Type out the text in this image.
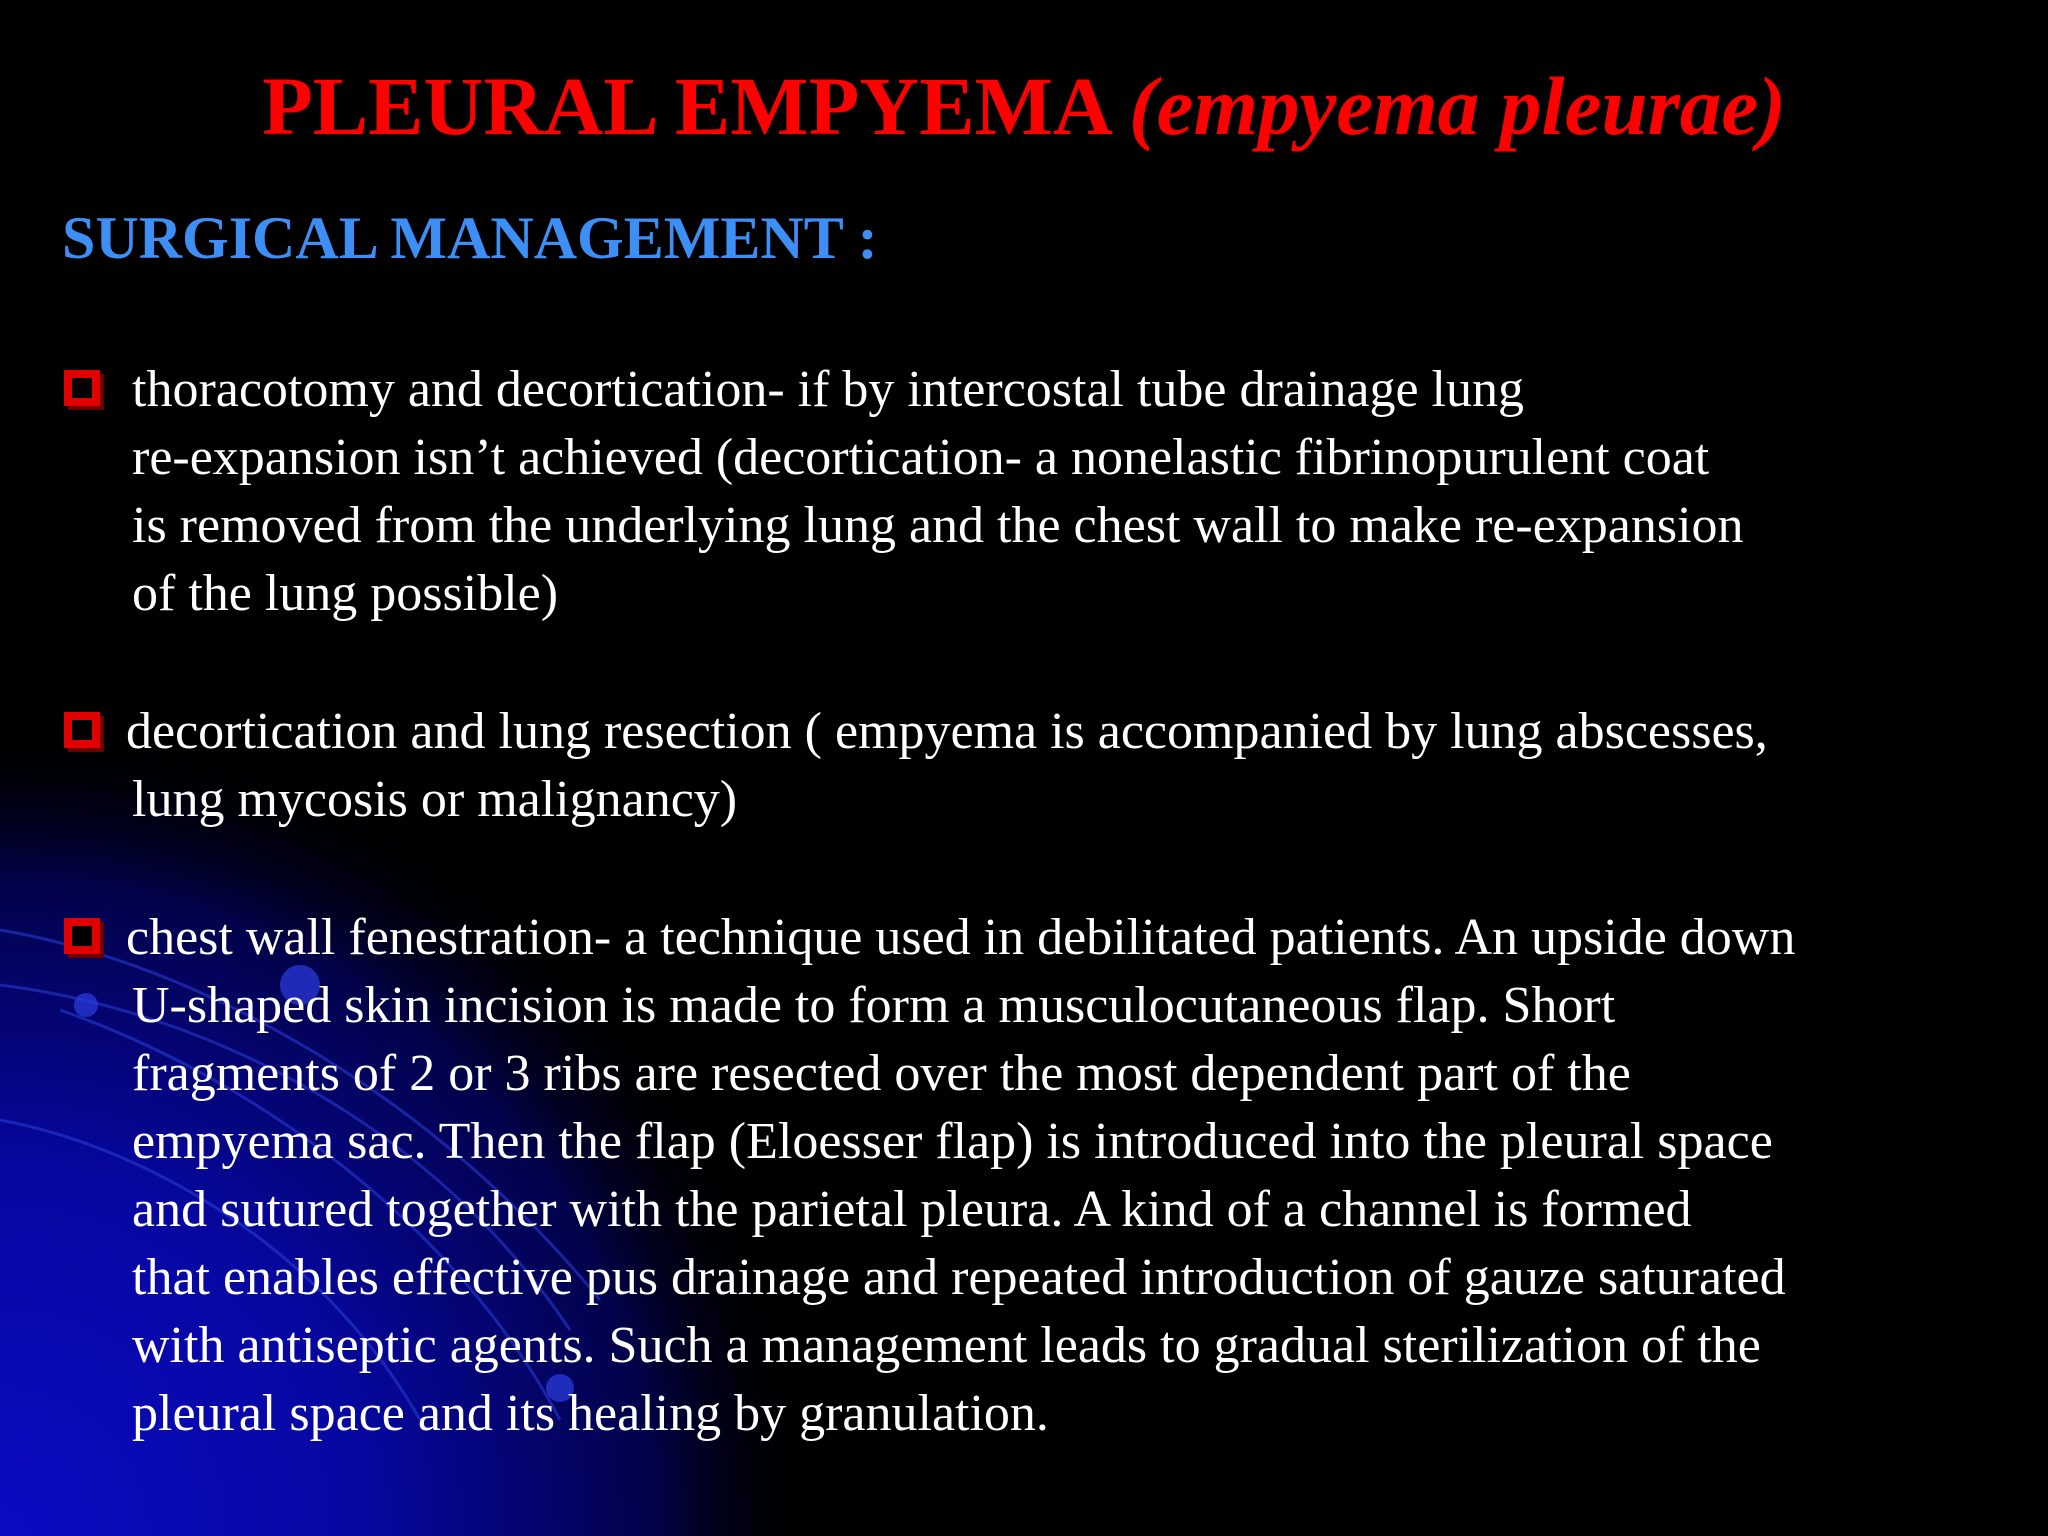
PLEURAL EMPYEMA (empyema pleurae)
SURGICAL MANAGEMENT :
thoracotomy and decortication- if by intercostal tube drainage lung
re-expansion isn’t achieved (decortication- a nonelastic fibrinopurulent coat
is removed from the underlying lung and the chest wall to make re-expansion
of the lung possible)
decortication and lung resection ( empyema is accompanied by lung abscesses,
lung mycosis or malignancy)
chest wall fenestration- a technique used in debilitated patients. An upside down
U-shaped skin incision is made to form a musculocutaneous flap. Short
fragments of 2 or 3 ribs are resected over the most dependent part of the
empyema sac. Then the flap (Eloesser flap) is introduced into the pleural space
and sutured together with the parietal pleura. A kind of a channel is formed
that enables effective pus drainage and repeated introduction of gauze saturated
with antiseptic agents. Such a management leads to gradual sterilization of the
pleural space and its healing by granulation.
